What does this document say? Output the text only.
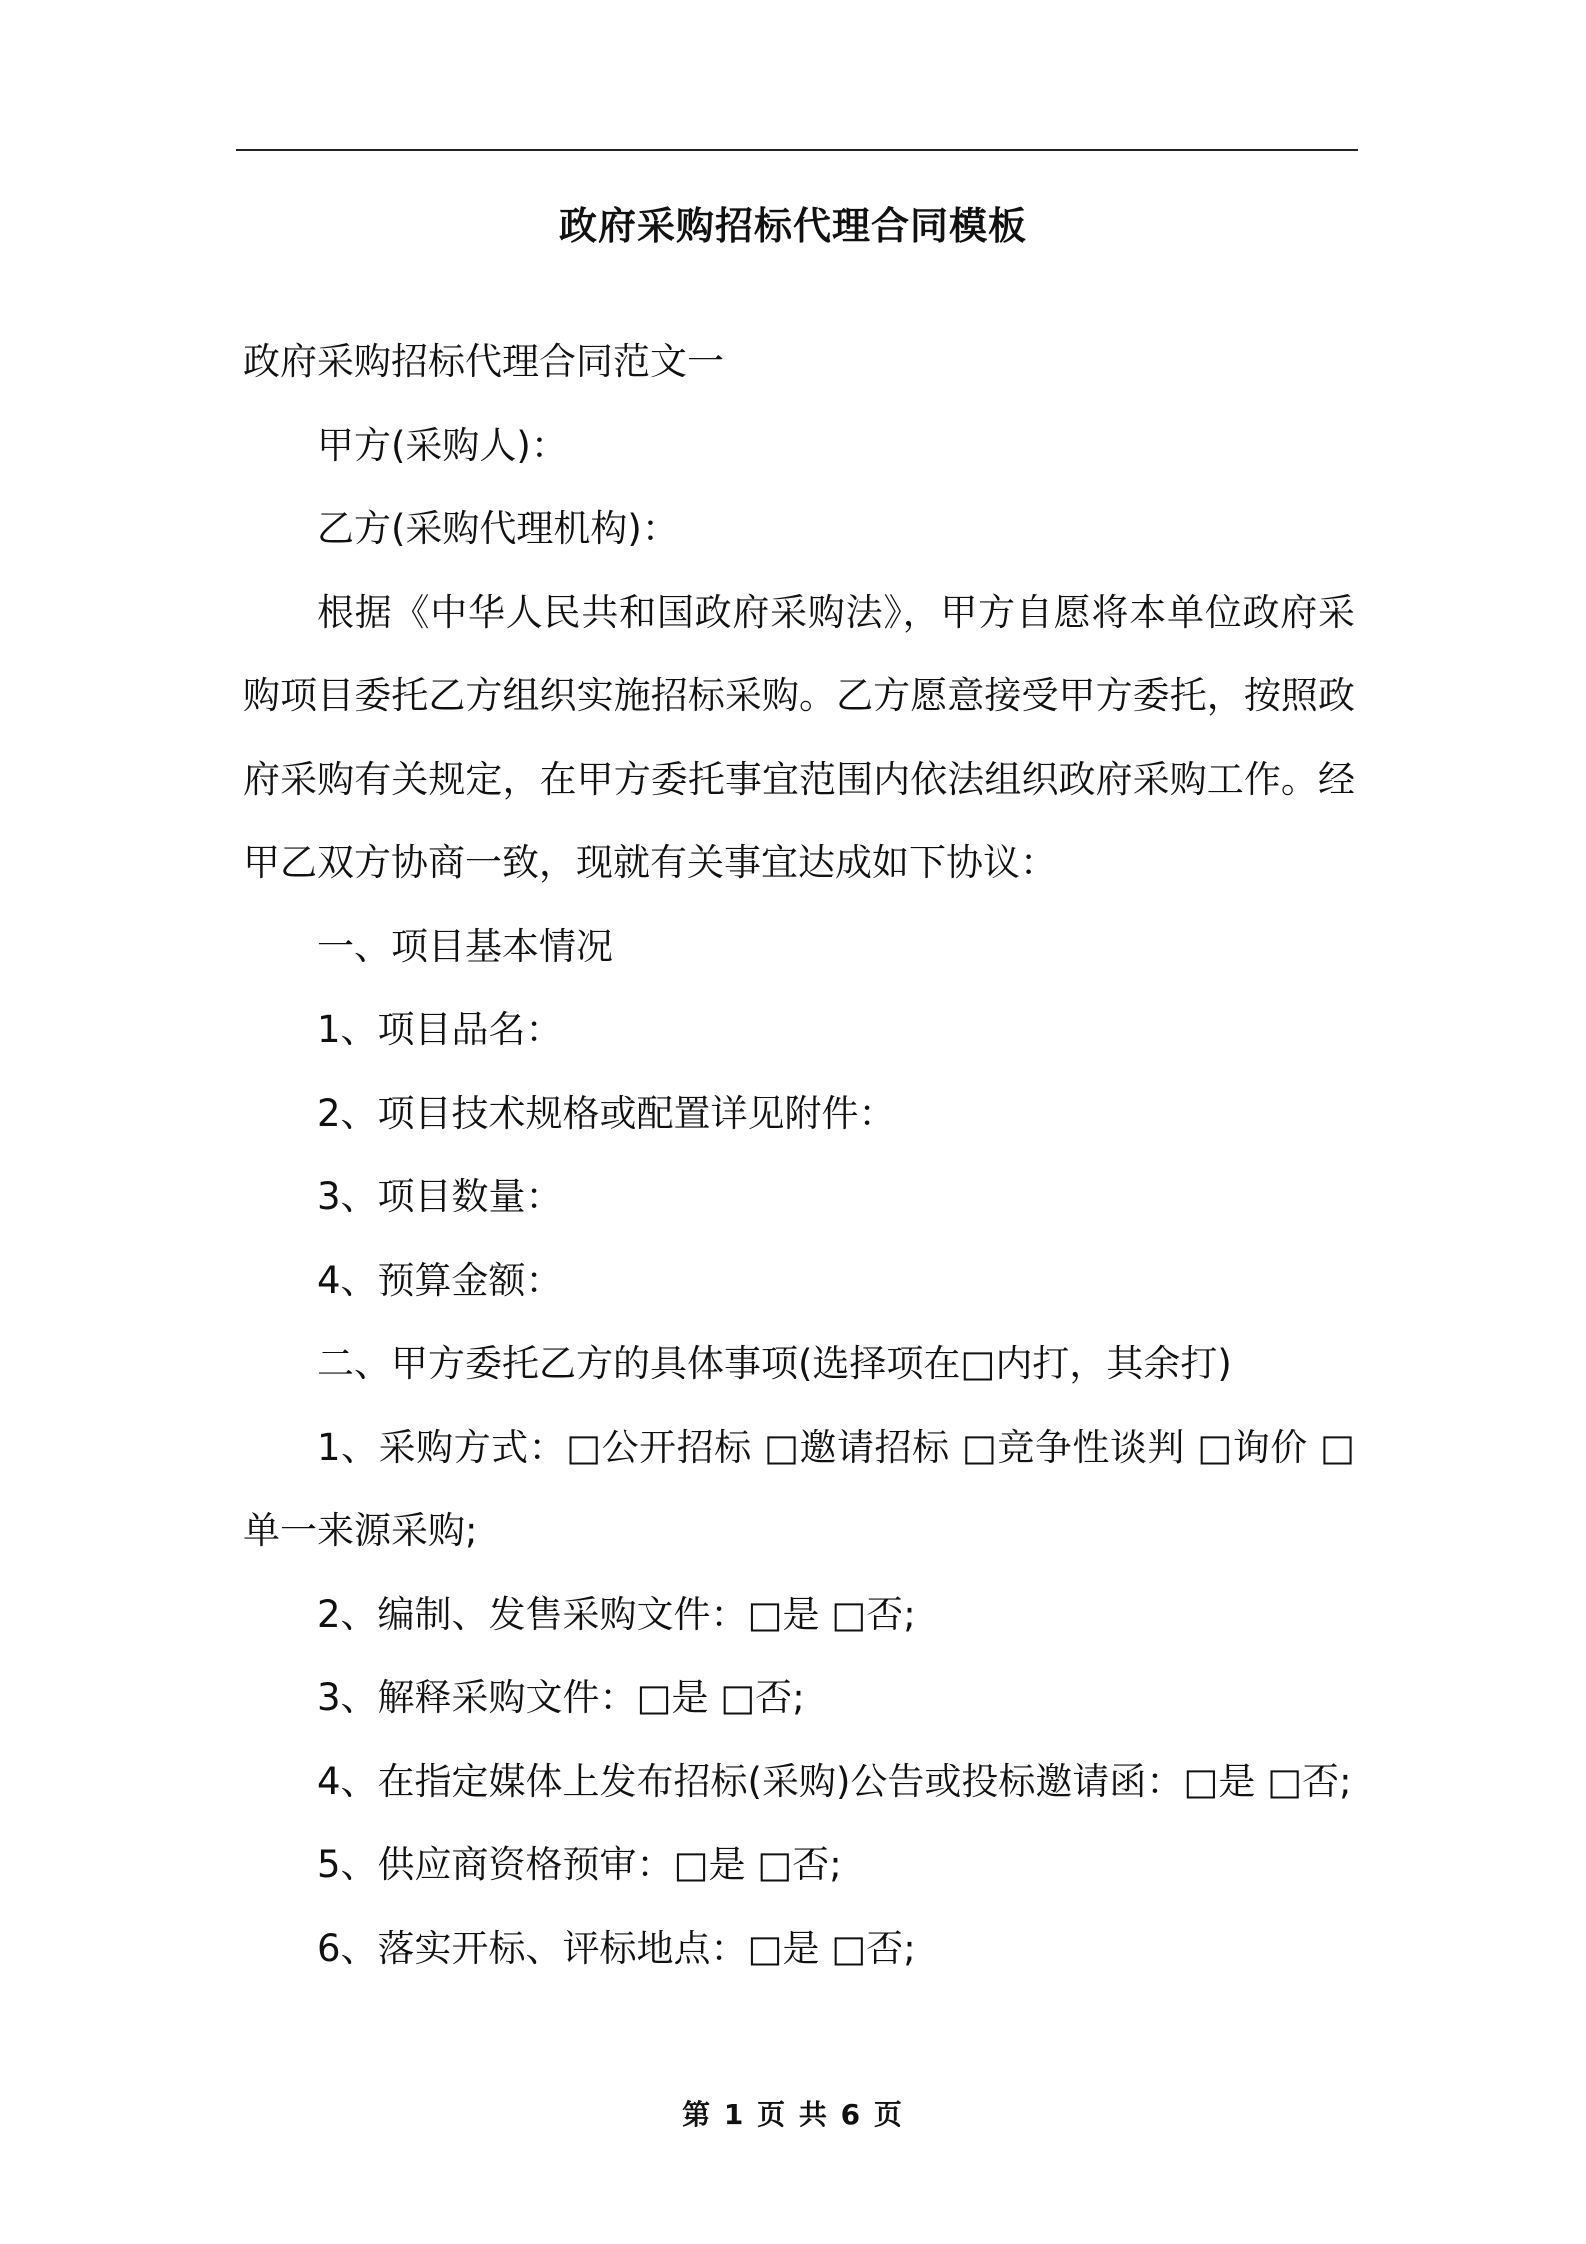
政府采购招标代理合同模板

政府采购招标代理合同范文一

甲方(采购人)：

乙方(采购代理机构)：

根据《中华人民共和国政府采购法》，甲方自愿将本单位政府采购项目委托乙方组织实施招标采购。乙方愿意接受甲方委托，按照政府采购有关规定，在甲方委托事宜范围内依法组织政府采购工作。经甲乙双方协商一致，现就有关事宜达成如下协议：

一、项目基本情况

1、项目品名：

2、项目技术规格或配置详见附件：

3、项目数量：

4、预算金额：

二、甲方委托乙方的具体事项(选择项在□内打，其余打)

1、采购方式：□公开招标 □邀请招标 □竞争性谈判 □询价 □单一来源采购;

2、编制、发售采购文件：□是 □否;

3、解释采购文件：□是 □否;

4、在指定媒体上发布招标(采购)公告或投标邀请函：□是 □否;

5、供应商资格预审：□是 □否;

6、落实开标、评标地点：□是 □否;

第 1 页 共 6 页
